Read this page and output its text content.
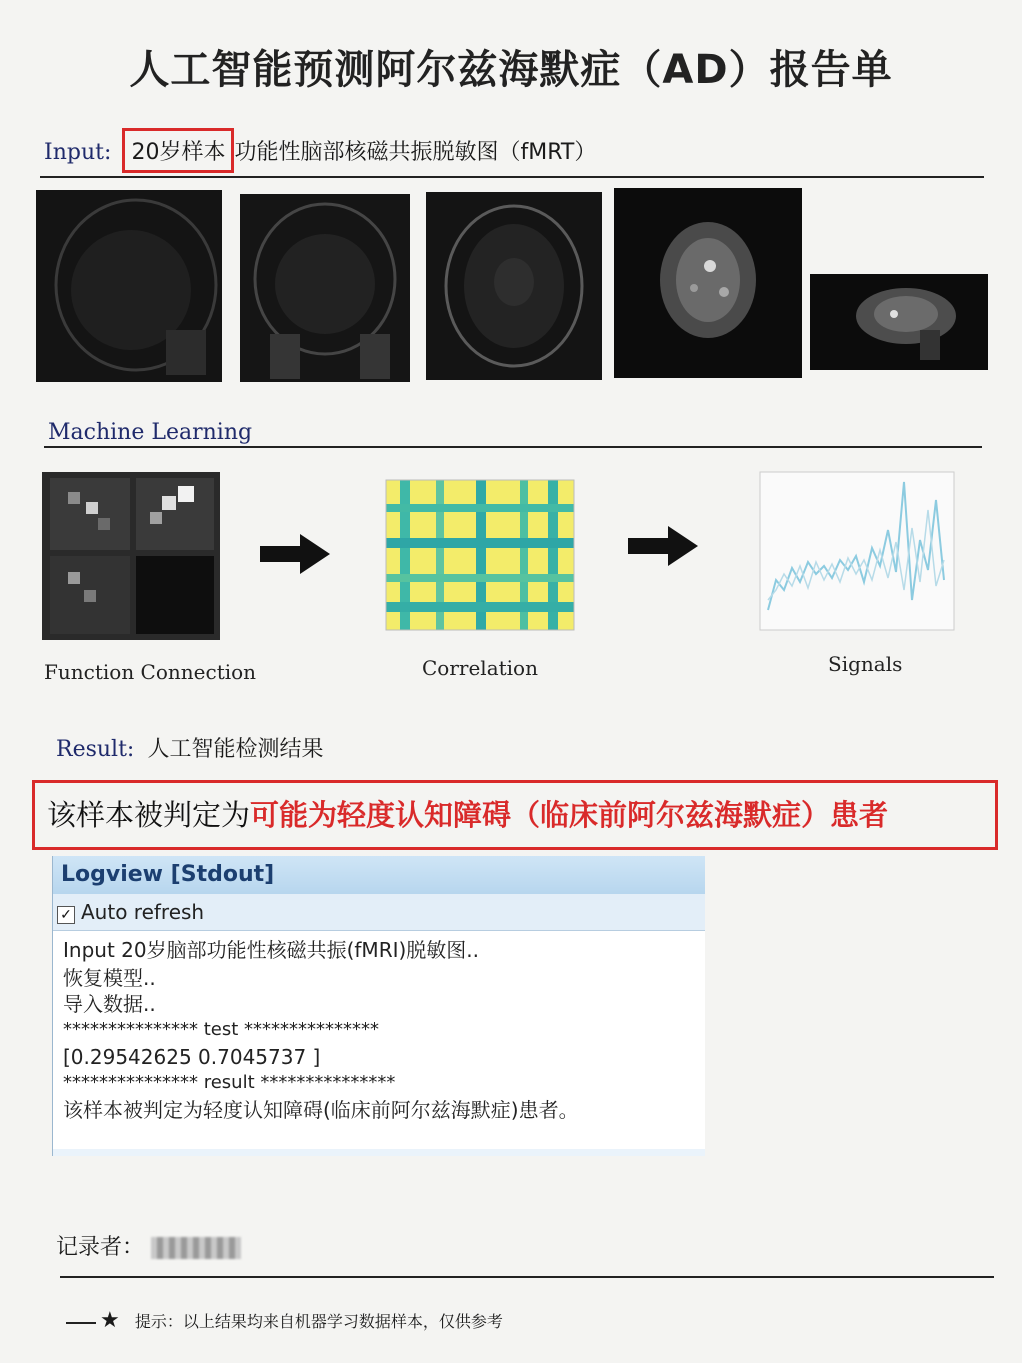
人工智能预测阿尔兹海默症（AD）报告单
Input: 20岁样本 功能性脑部核磁共振脱敏图（fMRT）
Machine Learning
Function Connection	Correlation	Signals
Result: 人工智能检测结果
该样本被判定为可能为轻度认知障碍（临床前阿尔兹海默症）患者
Logview [Stdout]
✓ Auto refresh
Input 20岁脑部功能性核磁共振(fMRI)脱敏图..
恢复模型..
导入数据..
*************** test ***************
[0.29542625 0.7045737 ]
*************** result ***************
该样本被判定为轻度认知障碍(临床前阿尔兹海默症)患者。
记录者：
★ 提示：以上结果均来自机器学习数据样本，仅供参考
